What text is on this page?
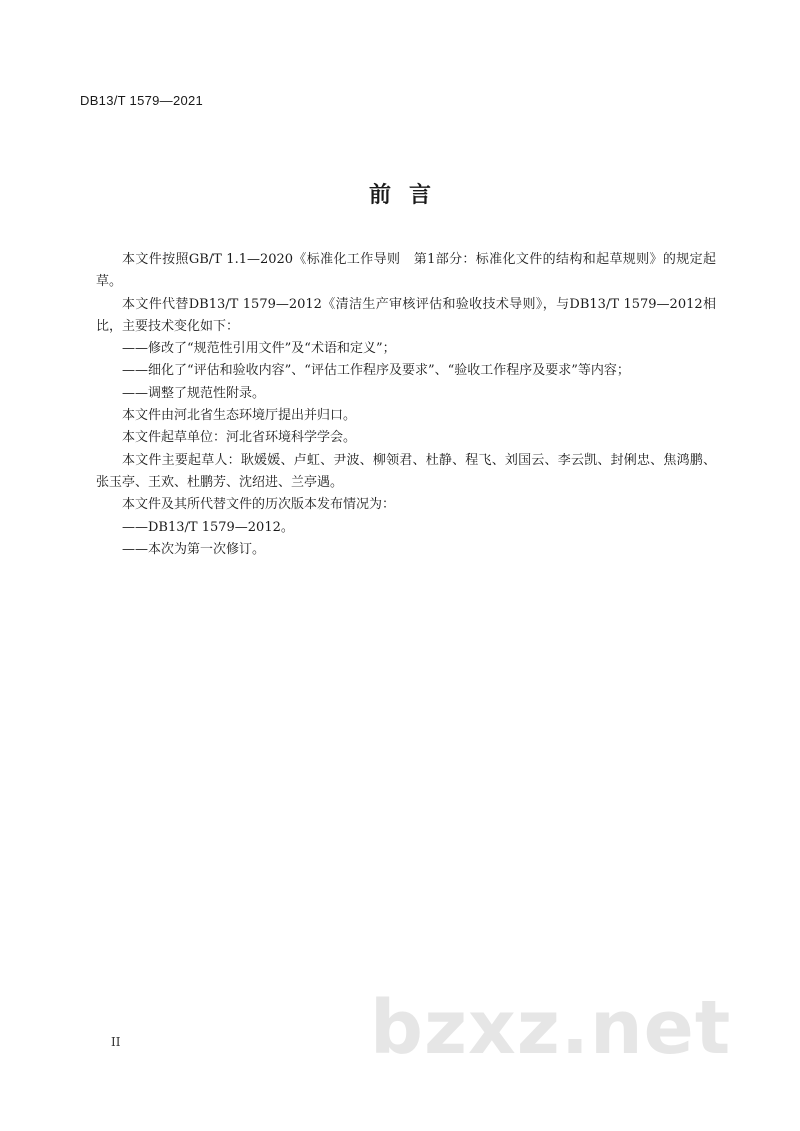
DB13/T 1579—2021
前言

本文件按照GB/T 1.1—2020《标准化工作导则　第1部分：标准化文件的结构和起草规则》的规定起草。

本文件代替DB13/T 1579—2012《清洁生产审核评估和验收技术导则》，与DB13/T 1579—2012相比，主要技术变化如下：

——修改了“规范性引用文件”及“术语和定义”；

——细化了“评估和验收内容”、“评估工作程序及要求”、“验收工作程序及要求”等内容；

——调整了规范性附录。

本文件由河北省生态环境厅提出并归口。

本文件起草单位：河北省环境科学学会。

本文件主要起草人：耿媛媛、卢虹、尹波、柳领君、杜静、程飞、刘国云、李云凯、封俐忠、焦鸿鹏、张玉亭、王欢、杜鹏芳、沈绍进、兰亭遇。

本文件及其所代替文件的历次版本发布情况为：

——DB13/T 1579—2012。

——本次为第一次修订。

II	bzxz.net
